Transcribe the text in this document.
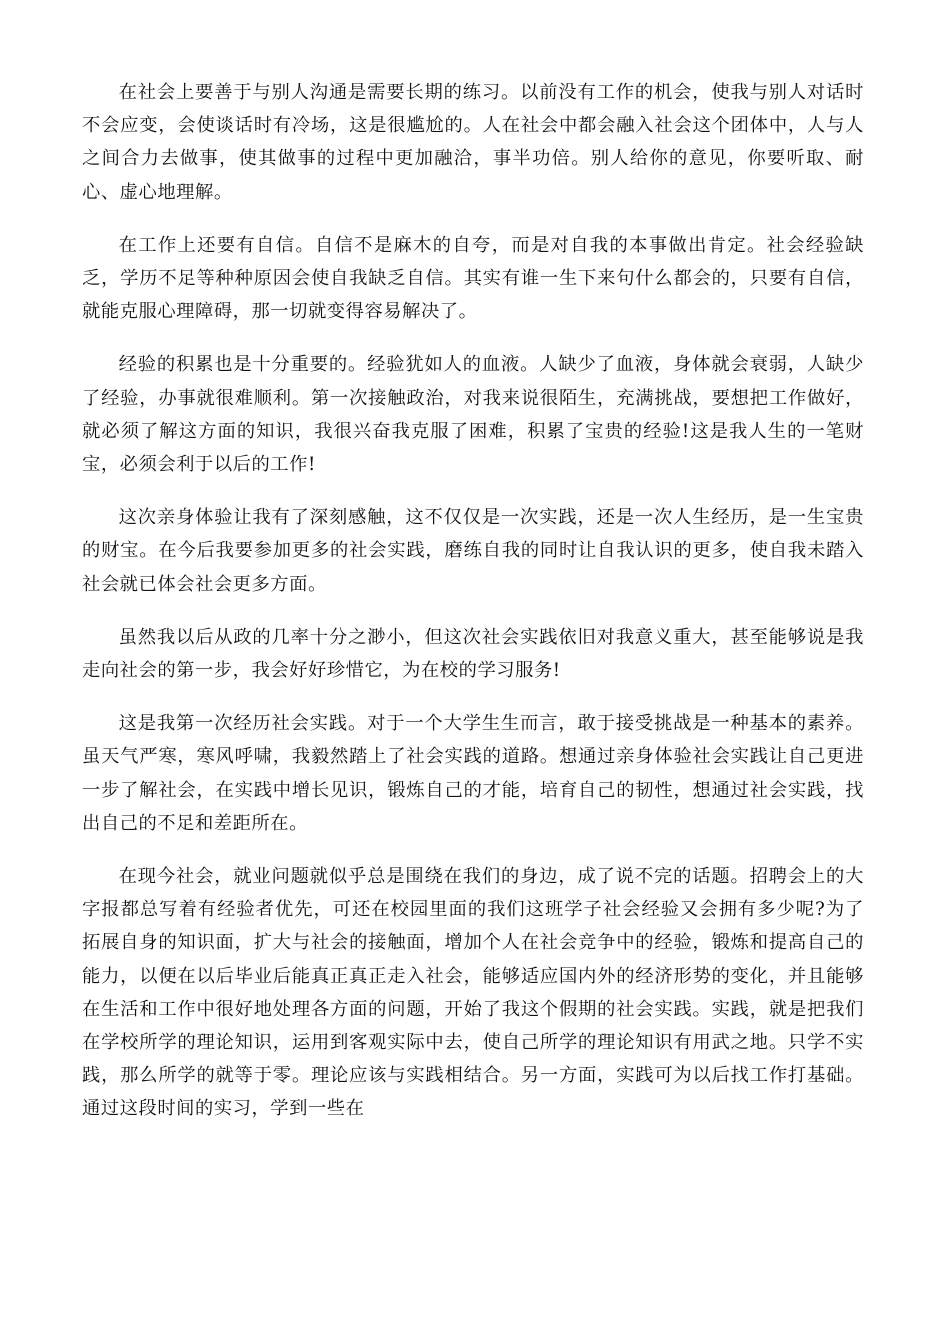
在社会上要善于与别人沟通是需要长期的练习。以前没有工作的机会，使我与别人对话时不会应变，会使谈话时有冷场，这是很尴尬的。人在社会中都会融入社会这个团体中，人与人之间合力去做事，使其做事的过程中更加融洽，事半功倍。别人给你的意见，你要听取、耐心、虚心地理解。

在工作上还要有自信。自信不是麻木的自夸，而是对自我的本事做出肯定。社会经验缺乏，学历不足等种种原因会使自我缺乏自信。其实有谁一生下来句什么都会的，只要有自信，就能克服心理障碍，那一切就变得容易解决了。

经验的积累也是十分重要的。经验犹如人的血液。人缺少了血液，身体就会衰弱，人缺少了经验，办事就很难顺利。第一次接触政治，对我来说很陌生，充满挑战，要想把工作做好，就必须了解这方面的知识，我很兴奋我克服了困难，积累了宝贵的经验!这是我人生的一笔财宝，必须会利于以后的工作!

这次亲身体验让我有了深刻感触，这不仅仅是一次实践，还是一次人生经历，是一生宝贵的财宝。在今后我要参加更多的社会实践，磨练自我的同时让自我认识的更多，使自我未踏入社会就已体会社会更多方面。

虽然我以后从政的几率十分之渺小，但这次社会实践依旧对我意义重大，甚至能够说是我走向社会的第一步，我会好好珍惜它，为在校的学习服务!

这是我第一次经历社会实践。对于一个大学生生而言，敢于接受挑战是一种基本的素养。虽天气严寒，寒风呼啸，我毅然踏上了社会实践的道路。想通过亲身体验社会实践让自己更进一步了解社会，在实践中增长见识，锻炼自己的才能，培育自己的韧性，想通过社会实践，找出自己的不足和差距所在。

在现今社会，就业问题就似乎总是围绕在我们的身边，成了说不完的话题。招聘会上的大字报都总写着有经验者优先，可还在校园里面的我们这班学子社会经验又会拥有多少呢?为了拓展自身的知识面，扩大与社会的接触面，增加个人在社会竞争中的经验，锻炼和提高自己的能力，以便在以后毕业后能真正真正走入社会，能够适应国内外的经济形势的变化，并且能够在生活和工作中很好地处理各方面的问题，开始了我这个假期的社会实践。实践，就是把我们在学校所学的理论知识，运用到客观实际中去，使自己所学的理论知识有用武之地。只学不实践，那么所学的就等于零。理论应该与实践相结合。另一方面，实践可为以后找工作打基础。通过这段时间的实习，学到一些在
